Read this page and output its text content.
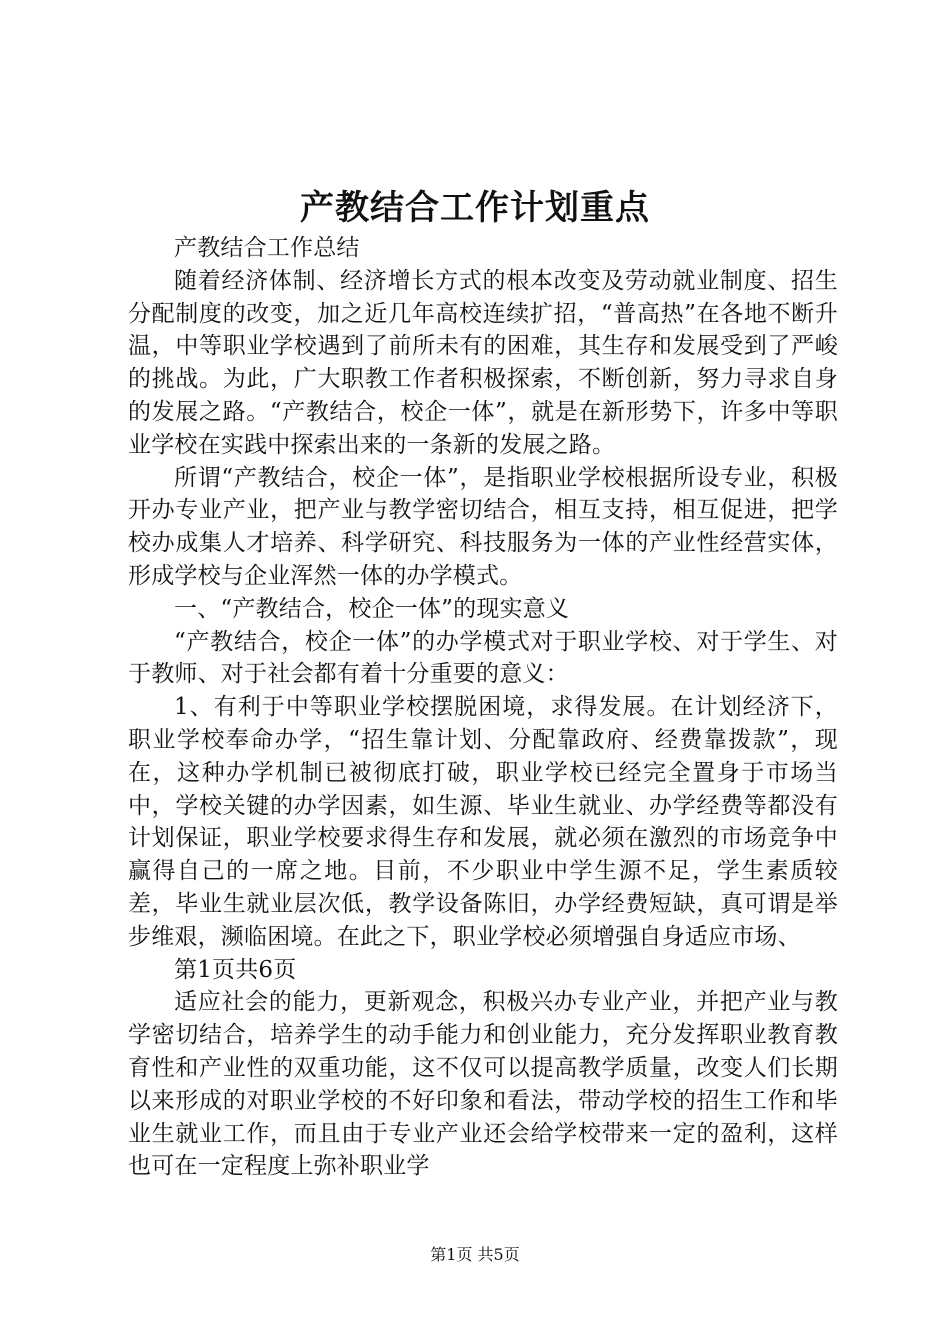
产教结合工作计划重点

产教结合工作总结

随着经济体制、经济增长方式的根本改变及劳动就业制度、招生分配制度的改变，加之近几年高校连续扩招，“普高热”在各地不断升温，中等职业学校遇到了前所未有的困难，其生存和发展受到了严峻的挑战。为此，广大职教工作者积极探索，不断创新，努力寻求自身的发展之路。“产教结合，校企一体”，就是在新形势下，许多中等职业学校在实践中探索出来的一条新的发展之路。

所谓“产教结合，校企一体”，是指职业学校根据所设专业，积极开办专业产业，把产业与教学密切结合，相互支持，相互促进，把学校办成集人才培养、科学研究、科技服务为一体的产业性经营实体，形成学校与企业浑然一体的办学模式。

一、“产教结合，校企一体”的现实意义

“产教结合，校企一体”的办学模式对于职业学校、对于学生、对于教师、对于社会都有着十分重要的意义：

1、有利于中等职业学校摆脱困境，求得发展。在计划经济下，职业学校奉命办学，“招生靠计划、分配靠政府、经费靠拨款”，现在，这种办学机制已被彻底打破，职业学校已经完全置身于市场当中，学校关键的办学因素，如生源、毕业生就业、办学经费等都没有计划保证，职业学校要求得生存和发展，就必须在激烈的市场竞争中赢得自己的一席之地。目前，不少职业中学生源不足，学生素质较差，毕业生就业层次低，教学设备陈旧，办学经费短缺，真可谓是举步维艰，濒临困境。在此之下，职业学校必须增强自身适应市场、

第1页共6页

适应社会的能力，更新观念，积极兴办专业产业，并把产业与教学密切结合，培养学生的动手能力和创业能力，充分发挥职业教育教育性和产业性的双重功能，这不仅可以提高教学质量，改变人们长期以来形成的对职业学校的不好印象和看法，带动学校的招生工作和毕业生就业工作，而且由于专业产业还会给学校带来一定的盈利，这样也可在一定程度上弥补职业学

第1页 共5页
